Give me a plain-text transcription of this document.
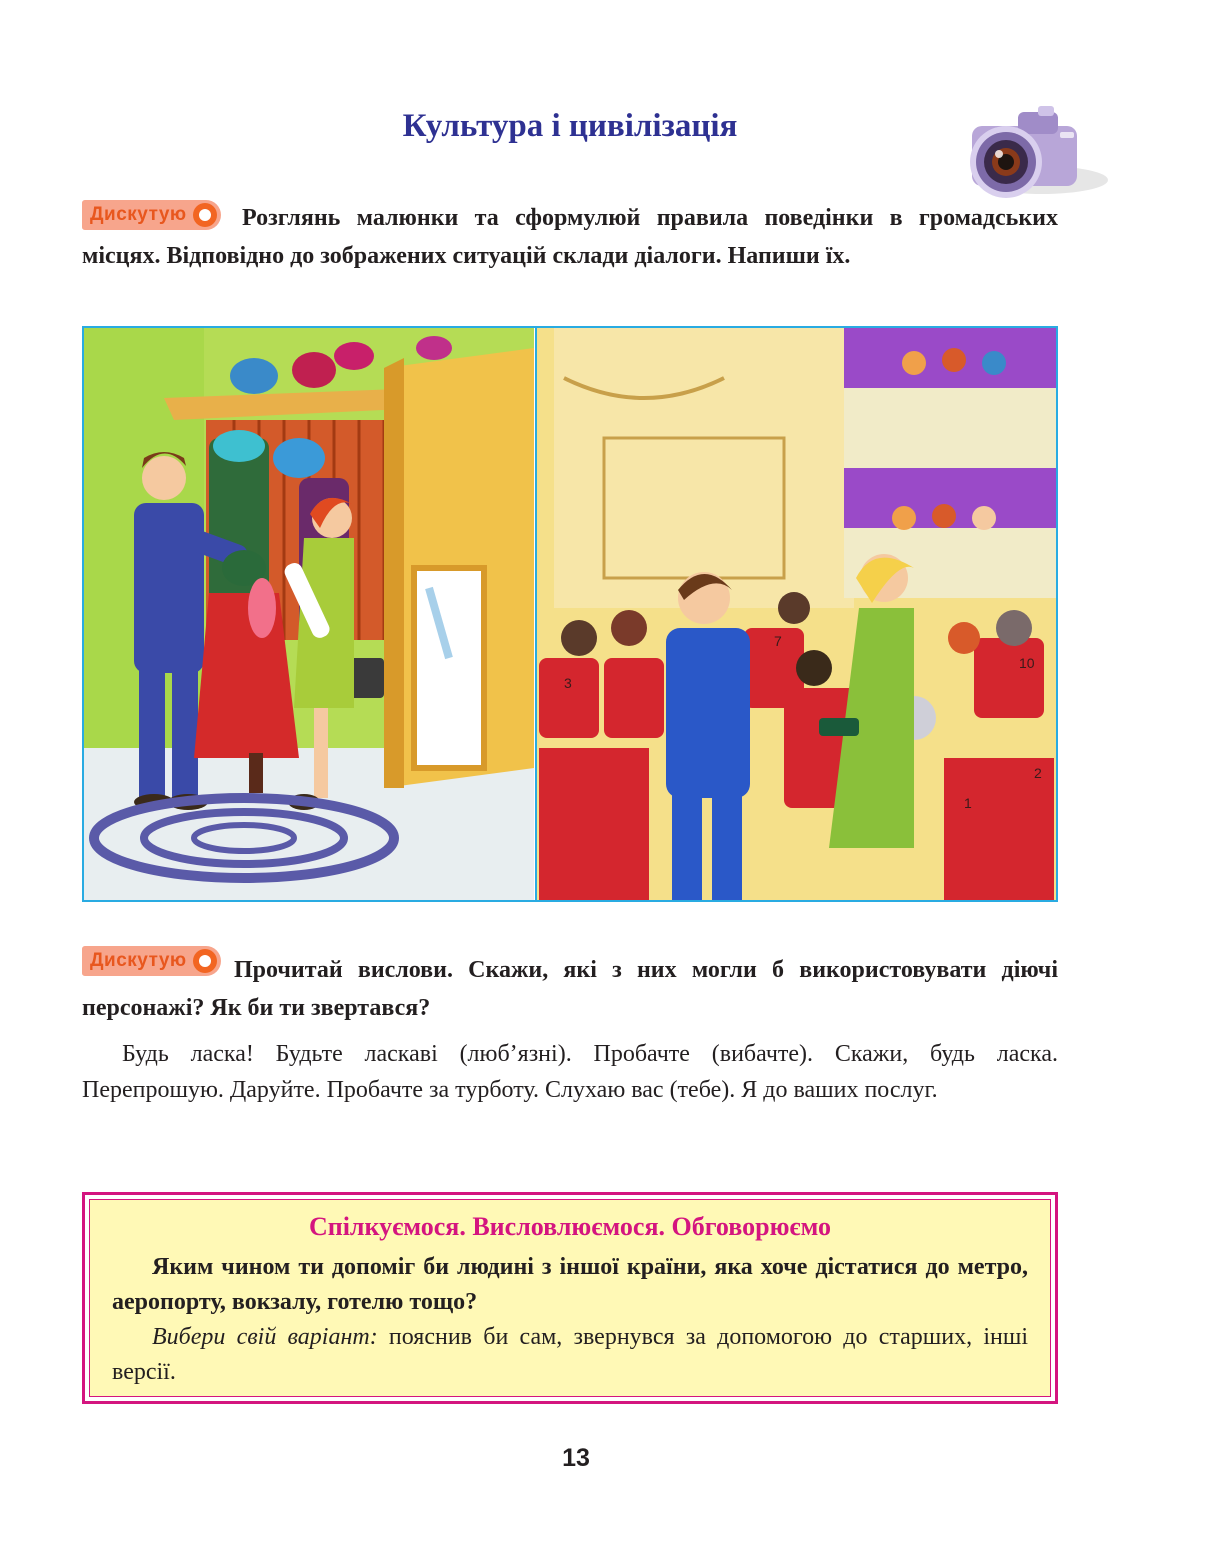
Культура і цивілізація
Дискутую	Розглянь малюнки та сформулюй правила поведінки в громадських місцях. Відповідно до зображених ситуацій склади діалоги. Напиши їх.

3
7
10
1
2
Дискутую	Прочитай вислови. Скажи, які з них могли б використовувати діючі персонажі? Як би ти звертався?

Будь ласка! Будьте ласкаві (люб’язні). Пробачте (вибачте). Скажи, будь ласка. Перепрошую. Даруйте. Пробачте за турботу. Слухаю вас (тебе). Я до ваших послуг.

Спілкуємося. Висловлюємося. Обговорюємо

Яким чином ти допоміг би людині з іншої країни, яка хоче дістатися до метро, аеропорту, вокзалу, готелю тощо?

Вибери свій варіант: пояснив би сам, звернувся за допомогою до старших, інші версії.

13
